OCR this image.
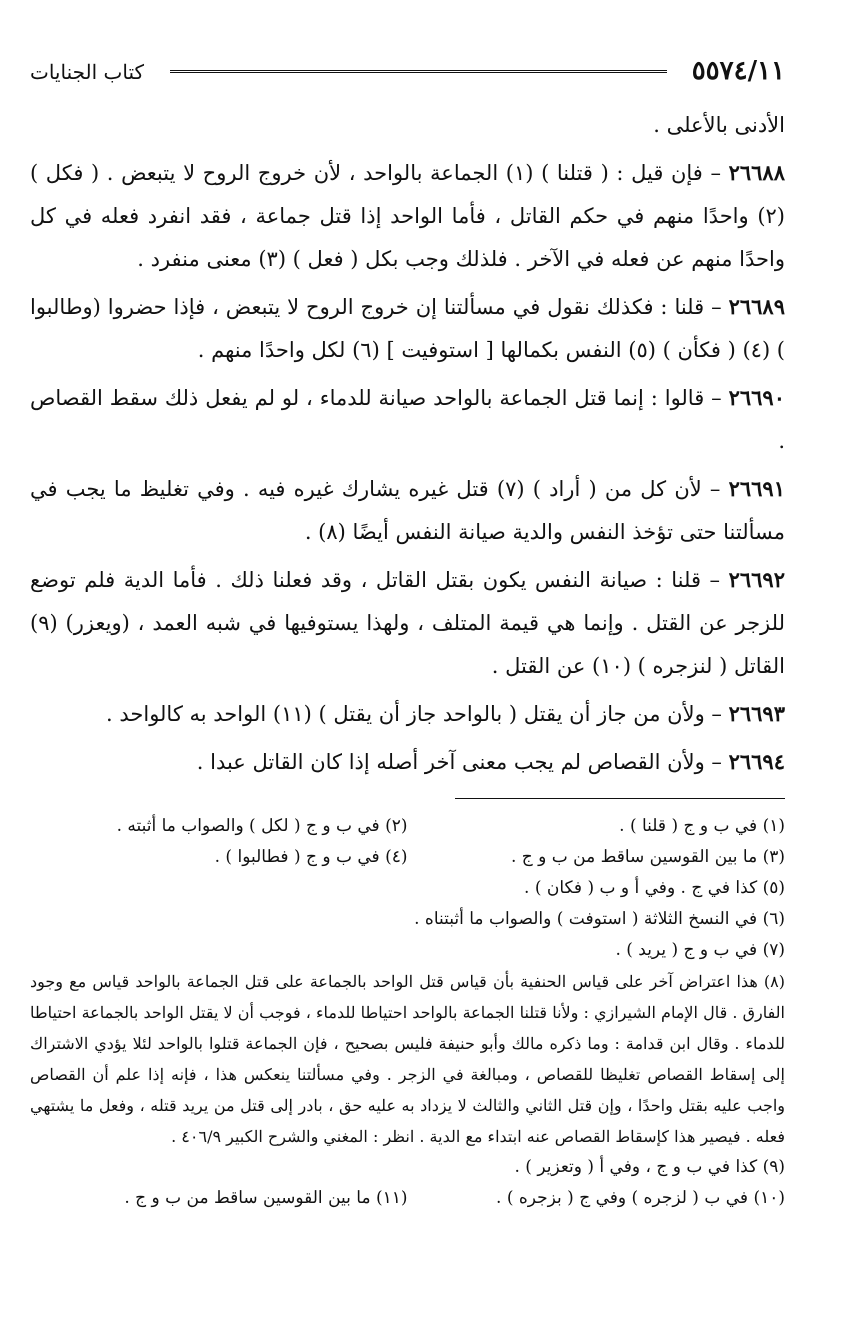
٥٥٧٤/١١
كتاب الجنايات

الأدنى بالأعلى .

٢٦٦٨٨ – فإن قيل : ( قتلنا ) (١) الجماعة بالواحد ، لأن خروج الروح لا يتبعض . ( فكل ) (٢) واحدًا منهم في حكم القاتل ، فأما الواحد إذا قتل جماعة ، فقد انفرد فعله في كل واحدًا منهم عن فعله في الآخر . فلذلك وجب بكل ( فعل ) (٣) معنى منفرد .

٢٦٦٨٩ – قلنا : فكذلك نقول في مسألتنا إن خروج الروح لا يتبعض ، فإذا حضروا (وطالبوا ) (٤) ( فكأن ) (٥) النفس بكمالها [ استوفيت ] (٦) لكل واحدًا منهم .

٢٦٦٩٠ – قالوا : إنما قتل الجماعة بالواحد صيانة للدماء ، لو لم يفعل ذلك سقط القصاص .

٢٦٦٩١ – لأن كل من ( أراد ) (٧) قتل غيره يشارك غيره فيه . وفي تغليظ ما يجب في مسألتنا حتى تؤخذ النفس والدية صيانة النفس أيضًا (٨) .

٢٦٦٩٢ – قلنا : صيانة النفس يكون بقتل القاتل ، وقد فعلنا ذلك . فأما الدية فلم توضع للزجر عن القتل . وإنما هي قيمة المتلف ، ولهذا يستوفيها في شبه العمد ، (ويعزر) (٩) القاتل ( لنزجره ) (١٠) عن القتل .

٢٦٦٩٣ – ولأن من جاز أن يقتل ( بالواحد جاز أن يقتل ) (١١) الواحد به كالواحد .

٢٦٦٩٤ – ولأن القصاص لم يجب معنى آخر أصله إذا كان القاتل عبدا .

(١) في ب و ج ( قلنا ) .
(٢) في ب و ج ( لكل ) والصواب ما أثبته .
(٣) ما بين القوسين ساقط من ب و ج .
(٤) في ب و ج ( فطالبوا ) .
(٥) كذا في ج . وفي أ و ب ( فكان ) .
(٦) في النسخ الثلاثة ( استوفت ) والصواب ما أثبتناه .
(٧) في ب و ج ( يريد ) .
(٨) هذا اعتراض آخر على قياس الحنفية بأن قياس قتل الواحد بالجماعة على قتل الجماعة بالواحد قياس مع وجود الفارق . قال الإمام الشيرازي : ولأنا قتلنا الجماعة بالواحد احتياطا للدماء ، فوجب أن لا يقتل الواحد بالجماعة احتياطا للدماء . وقال ابن قدامة : وما ذكره مالك وأبو حنيفة فليس بصحيح ، فإن الجماعة قتلوا بالواحد لئلا يؤدي الاشتراك إلى إسقاط القصاص تغليظا للقصاص ، ومبالغة في الزجر . وفي مسألتنا ينعكس هذا ، فإنه إذا علم أن القصاص واجب عليه بقتل واحدًا ، وإن قتل الثاني والثالث لا يزداد به عليه حق ، بادر إلى قتل من يريد قتله ، وفعل ما يشتهي فعله . فيصير هذا كإسقاط القصاص عنه ابتداء مع الدية . انظر : المغني والشرح الكبير ٤٠٦/٩ .
(٩) كذا في ب و ج ، وفي أ ( وتعزير ) .
(١٠) في ب ( لزجره ) وفي ج ( بزجره ) .
(١١) ما بين القوسين ساقط من ب و ج .
